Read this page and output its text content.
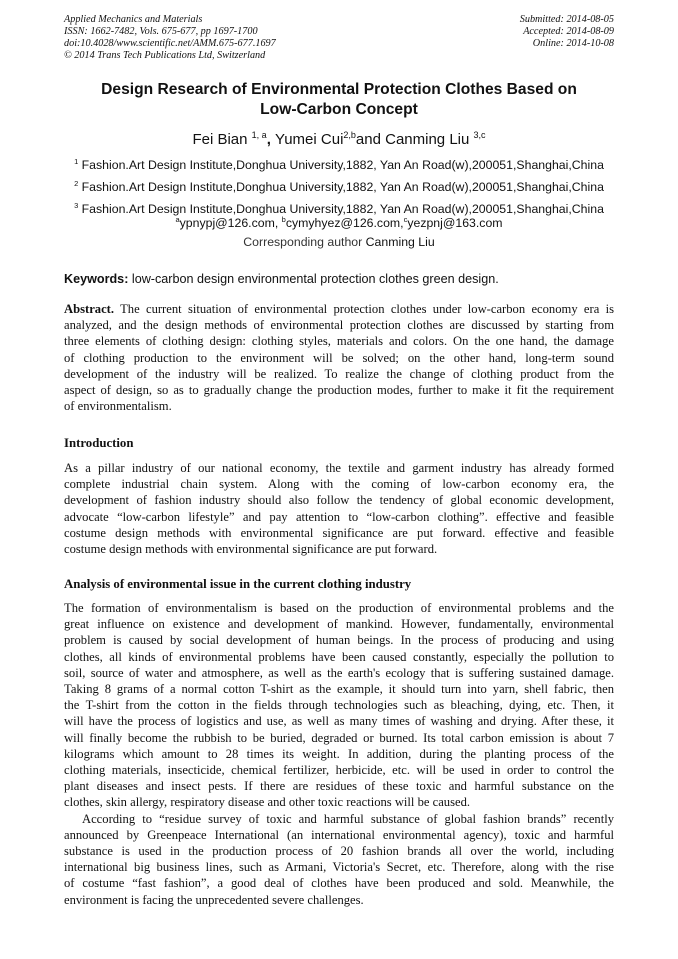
Applied Mechanics and Materials
ISSN: 1662-7482, Vols. 675-677, pp 1697-1700
doi:10.4028/www.scientific.net/AMM.675-677.1697
© 2014 Trans Tech Publications Ltd, Switzerland
Submitted: 2014-08-05
Accepted: 2014-08-09
Online: 2014-10-08
Design Research of Environmental Protection Clothes Based on
Low-Carbon Concept
Fei Bian $^{1, a}$, Yumei Cui$^{2,b}$and Canming Liu $^{3,c}$
$^1$ Fashion.Art Design Institute,Donghua University,1882, Yan An Road(w),200051,Shanghai,China
$^2$ Fashion.Art Design Institute,Donghua University,1882, Yan An Road(w),200051,Shanghai,China
$^3$ Fashion.Art Design Institute,Donghua University,1882, Yan An Road(w),200051,Shanghai,China
$^a$ypnypj@126.com, $^b$cymyhyez@126.com,$^c$yezpnj@163.com
Corresponding author Canming Liu
Keywords: low-carbon design environmental protection clothes green design.
Abstract. The current situation of environmental protection clothes under low-carbon economy era is
analyzed, and the design methods of environmental protection clothes are discussed by starting from
three elements of clothing design: clothing styles, materials and colors. On the one hand, the damage
of clothing production to the environment will be solved; on the other hand, long-term sound
development of the industry will be realized. To realize the change of clothing product from the
aspect of design, so as to gradually change the production modes, further to make it fit the requirement
of environmentalism.
Introduction
As a pillar industry of our national economy, the textile and garment industry has already formed
complete industrial chain system. Along with the coming of low-carbon economy era, the
development of fashion industry should also follow the tendency of global economic development,
advocate “low-carbon lifestyle” and pay attention to “low-carbon clothing”. effective and feasible
costume design methods with environmental significance are put forward. effective and feasible
costume design methods with environmental significance are put forward.
Analysis of environmental issue in the current clothing industry
The formation of environmentalism is based on the production of environmental problems and the
great influence on existence and development of mankind. However, fundamentally, environmental
problem is caused by social development of human beings. In the process of producing and using
clothes, all kinds of environmental problems have been caused constantly, especially the pollution to
soil, source of water and atmosphere, as well as the earth's ecology that is suffering sustained damage.
Taking 8 grams of a normal cotton T-shirt as the example, it should turn into yarn, shell fabric, then
the T-shirt from the cotton in the fields through technologies such as bleaching, dying, etc. Then, it
will have the process of logistics and use, as well as many times of washing and drying. After these, it
will finally become the rubbish to be buried, degraded or burned. Its total carbon emission is about 7
kilograms which amount to 28 times its weight. In addition, during the planting process of the
clothing materials, insecticide, chemical fertilizer, herbicide, etc. will be used in order to control the
plant diseases and insect pests. If there are residues of these toxic and harmful substance on the
clothes, skin allergy, respiratory disease and other toxic reactions will be caused.
According to “residue survey of toxic and harmful substance of global fashion brands” recently
announced by Greenpeace International (an international environmental agency), toxic and harmful
substance is used in the production process of 20 fashion brands all over the world, including
international big business lines, such as Armani, Victoria's Secret, etc. Therefore, along with the rise
of costume “fast fashion”, a good deal of clothes have been produced and sold. Meanwhile, the
environment is facing the unprecedented severe challenges.
